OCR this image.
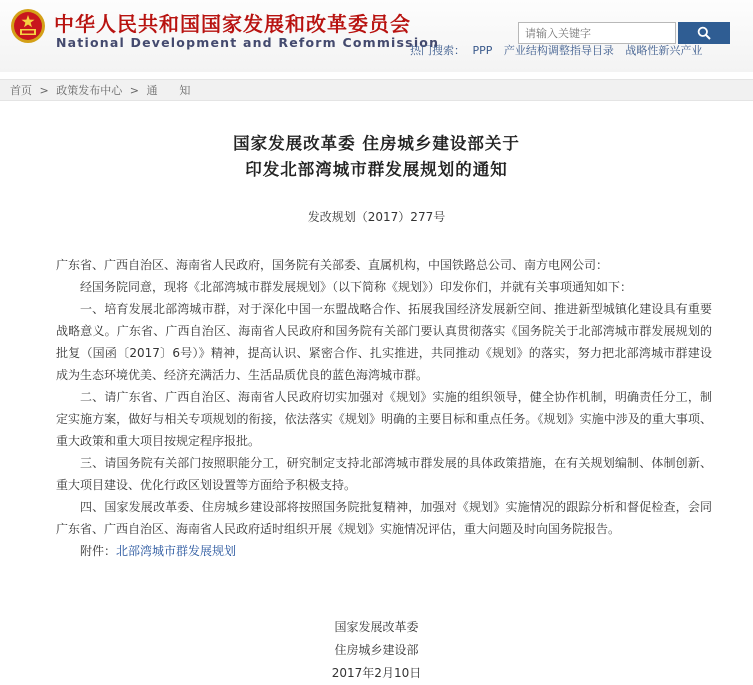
中华人民共和国国家发展和改革委员会
National Development and Reform Commission
请输入关键字
热门搜索： PPP 产业结构调整指导目录 战略性新兴产业
首页 > 政策发布中心 > 通　　知
国家发展改革委 住房城乡建设部关于
印发北部湾城市群发展规划的通知
发改规划（2017）277号

广东省、广西自治区、海南省人民政府，国务院有关部委、直属机构，中国铁路总公司、南方电网公司：

经国务院同意，现将《北部湾城市群发展规划》（以下简称《规划》）印发你们，并就有关事项通知如下：

一、培育发展北部湾城市群，对于深化中国一东盟战略合作、拓展我国经济发展新空间、推进新型城镇化建设具有重要战略意义。广东省、广西自治区、海南省人民政府和国务院有关部门要认真贯彻落实《国务院关于北部湾城市群发展规划的批复（国函〔2017〕6号）》精神，提高认识、紧密合作、扎实推进，共同推动《规划》的落实，努力把北部湾城市群建设成为生态环境优美、经济充满活力、生活品质优良的蓝色海湾城市群。

二、请广东省、广西自治区、海南省人民政府切实加强对《规划》实施的组织领导，健全协作机制，明确责任分工，制定实施方案，做好与相关专项规划的衔接，依法落实《规划》明确的主要目标和重点任务。《规划》实施中涉及的重大事项、重大政策和重大项目按规定程序报批。

三、请国务院有关部门按照职能分工，研究制定支持北部湾城市群发展的具体政策措施，在有关规划编制、体制创新、重大项目建设、优化行政区划设置等方面给予积极支持。

四、国家发展改革委、住房城乡建设部将按照国务院批复精神，加强对《规划》实施情况的跟踪分析和督促检查，会同广东省、广西自治区、海南省人民政府适时组织开展《规划》实施情况评估，重大问题及时向国务院报告。

附件：北部湾城市群发展规划

国家发展改革委
住房城乡建设部
2017年2月10日
